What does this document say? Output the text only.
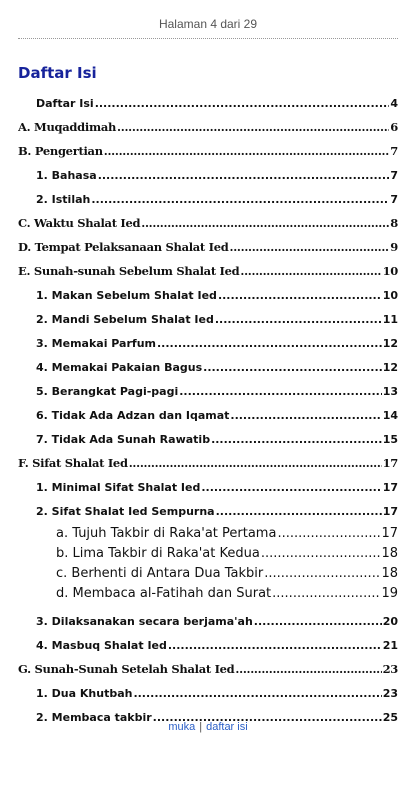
Halaman 4 dari 29
Daftar Isi
Daftar Isi .....	4
A. Muqaddimah .....	6
B. Pengertian .....	7
1. Bahasa .....	7
2. Istilah .....	7
C. Waktu Shalat Ied .....	8
D. Tempat Pelaksanaan Shalat Ied .....	9
E. Sunah-sunah Sebelum Shalat Ied .....	10
1. Makan Sebelum Shalat Ied .....	10
2. Mandi Sebelum Shalat Ied .....	11
3. Memakai Parfum .....	12
4. Memakai Pakaian Bagus .....	12
5. Berangkat Pagi-pagi .....	13
6. Tidak Ada Adzan dan Iqamat .....	14
7. Tidak Ada Sunah Rawatib .....	15
F. Sifat Shalat Ied .....	17
1. Minimal Sifat Shalat Ied .....	17
2. Sifat Shalat Ied Sempurna .....	17
a. Tujuh Takbir di Raka'at Pertama .....	17
b. Lima Takbir di Raka'at Kedua .....	18
c. Berhenti di Antara Dua Takbir .....	18
d. Membaca al-Fatihah dan Surat .....	19
3. Dilaksanakan secara berjama'ah .....	20
4. Masbuq Shalat Ied .....	21
G. Sunah-Sunah Setelah Shalat Ied .....	23
1. Dua Khutbah .....	23
2. Membaca takbir .....	25
muka | daftar isi
